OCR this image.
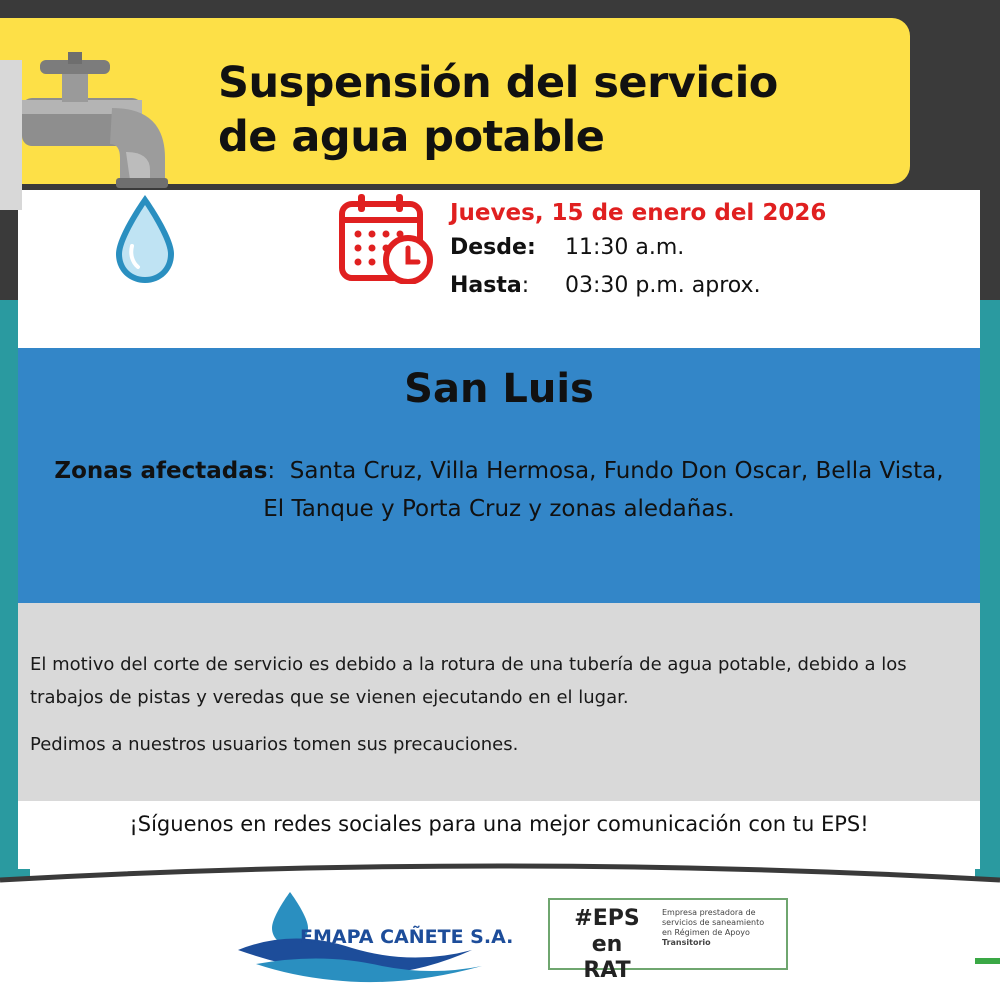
Suspensión del servicio
de agua potable
Jueves, 15 de enero del 2026
Desde: 11:30 a.m.
Hasta: 03:30 p.m. aprox.
San Luis

Zonas afectadas: Santa Cruz, Villa Hermosa, Fundo Don Oscar, Bella Vista, El Tanque y Porta Cruz y zonas aledañas.

El motivo del corte de servicio es debido a la rotura de una tubería de agua potable, debido a los trabajos de pistas y veredas que se vienen ejecutando en el lugar.

Pedimos a nuestros usuarios tomen sus precauciones.

¡Síguenos en redes sociales para una mejor comunicación con tu EPS!
EMAPA CAÑETE S.A.
#EPS en
RAT
Empresa prestadora de
servicios de saneamiento
en Régimen de Apoyo
Transitorio
